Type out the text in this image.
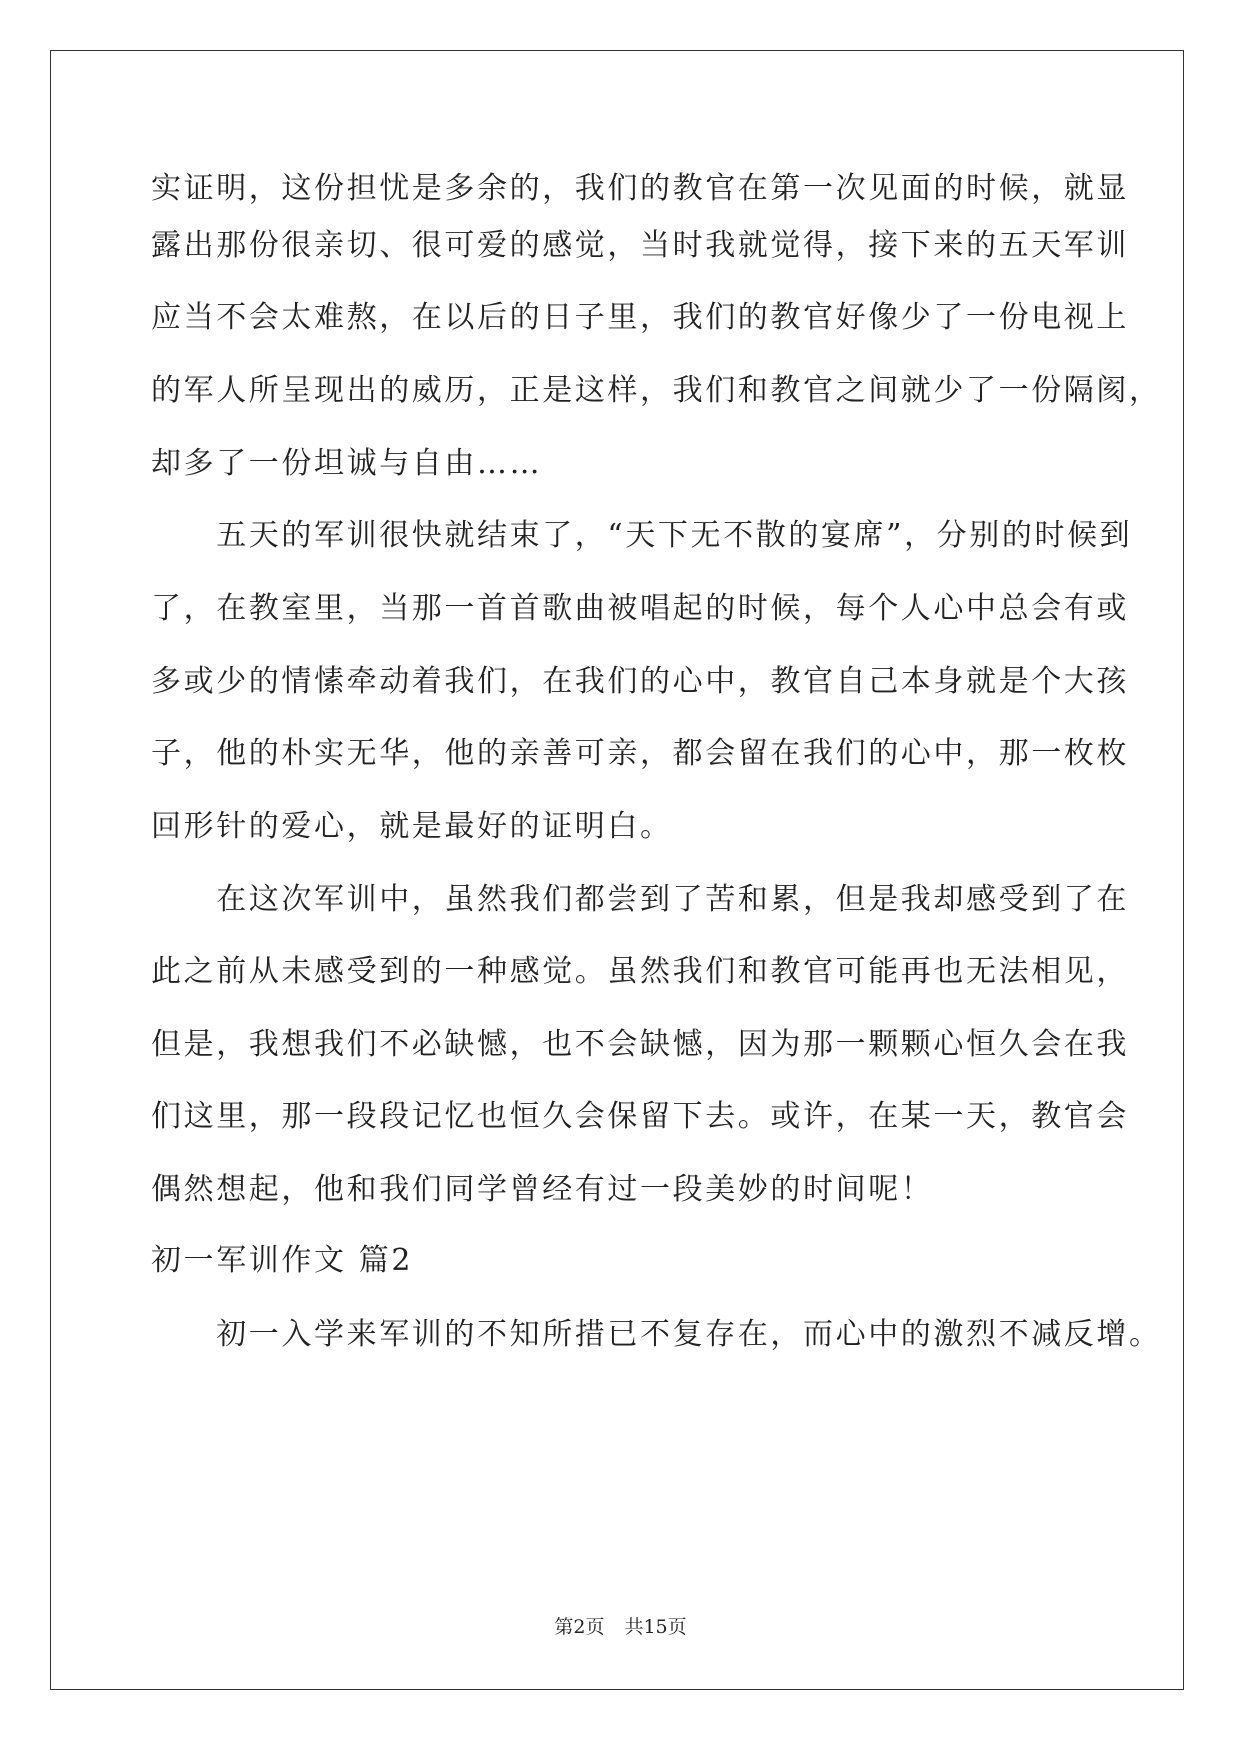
实证明，这份担忧是多余的，我们的教官在第一次见面的时候，就显
露出那份很亲切、很可爱的感觉，当时我就觉得，接下来的五天军训
应当不会太难熬，在以后的日子里，我们的教官好像少了一份电视上
的军人所呈现出的威历，正是这样，我们和教官之间就少了一份隔阂，
却多了一份坦诚与自由……
　　五天的军训很快就结束了，“天下无不散的宴席”，分别的时候到
了，在教室里，当那一首首歌曲被唱起的时候，每个人心中总会有或
多或少的情愫牵动着我们，在我们的心中，教官自己本身就是个大孩
子，他的朴实无华，他的亲善可亲，都会留在我们的心中，那一枚枚
回形针的爱心，就是最好的证明白。
　　在这次军训中，虽然我们都尝到了苦和累，但是我却感受到了在
此之前从未感受到的一种感觉。虽然我们和教官可能再也无法相见，
但是，我想我们不必缺憾，也不会缺憾，因为那一颗颗心恒久会在我
们这里，那一段段记忆也恒久会保留下去。或许，在某一天，教官会
偶然想起，他和我们同学曾经有过一段美妙的时间呢！
初一军训作文 篇2
　　初一入学来军训的不知所措已不复存在，而心中的激烈不减反增。
第2页 共15页
